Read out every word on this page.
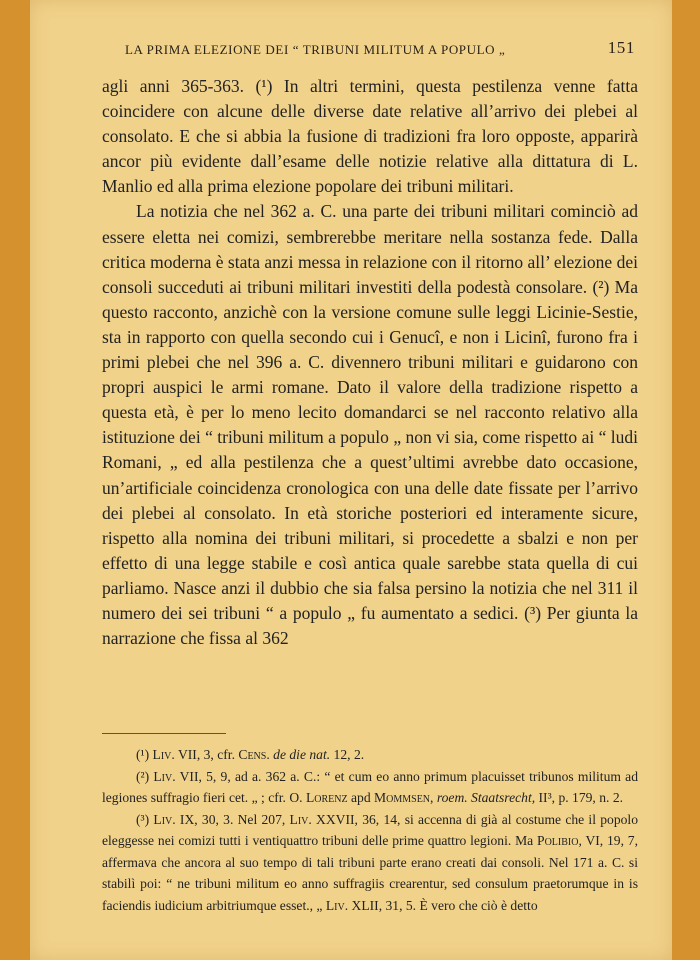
LA PRIMA ELEZIONE DEI “ TRIBUNI MILITUM A POPULO „	151

agli anni 365-363. (¹) In altri termini, questa pestilenza venne fatta coincidere con alcune delle diverse date relative all’arrivo dei plebei al consolato. E che si abbia la fusione di tradizioni fra loro opposte, apparirà ancor più evidente dall’esame delle notizie relative alla dittatura di L. Manlio ed alla prima elezione popolare dei tribuni militari.

La notizia che nel 362 a. C. una parte dei tribuni militari cominciò ad essere eletta nei comizi, sembrerebbe meritare nella sostanza fede. Dalla critica moderna è stata anzi messa in relazione con il ritorno all’ elezione dei consoli succeduti ai tribuni militari investiti della podestà consolare. (²) Ma questo racconto, anzichè con la versione comune sulle leggi Licinie-Sestie, sta in rapporto con quella secondo cui i Genucî, e non i Licinî, furono fra i primi plebei che nel 396 a. C. divennero tribuni militari e guidarono con propri auspici le armi romane. Dato il valore della tradizione rispetto a questa età, è per lo meno lecito domandarci se nel racconto relativo alla istituzione dei “ tribuni militum a populo „ non vi sia, come rispetto ai “ ludi Romani, „ ed alla pestilenza che a quest’ultimi avrebbe dato occasione, un’artificiale coincidenza cronologica con una delle date fissate per l’arrivo dei plebei al consolato. In età storiche posteriori ed interamente sicure, rispetto alla nomina dei tribuni militari, si procedette a sbalzi e non per effetto di una legge stabile e così antica quale sarebbe stata quella di cui parliamo. Nasce anzi il dubbio che sia falsa persino la notizia che nel 311 il numero dei sei tribuni “ a populo „ fu aumentato a sedici. (³) Per giunta la narrazione che fissa al 362

(¹) Liv. VII, 3, cfr. Cens. de die nat. 12, 2.

(²) Liv. VII, 5, 9, ad a. 362 a. C.: “ et cum eo anno primum placuisset tribunos militum ad legiones suffragio fieri cet. „ ; cfr. O. Lorenz apd Mommsen, roem. Staatsrecht, II³, p. 179, n. 2.

(³) Liv. IX, 30, 3. Nel 207, Liv. XXVII, 36, 14, si accenna di già al costume che il popolo eleggesse nei comizi tutti i ventiquattro tribuni delle prime quattro legioni. Ma Polibio, VI, 19, 7, affermava che ancora al suo tempo di tali tribuni parte erano creati dai consoli. Nel 171 a. C. si stabilì poi: “ ne tribuni militum eo anno suffragiis crearentur, sed consulum praetorumque in is faciendis iudicium arbitriumque esset., „ Liv. XLII, 31, 5. È vero che ciò è detto
